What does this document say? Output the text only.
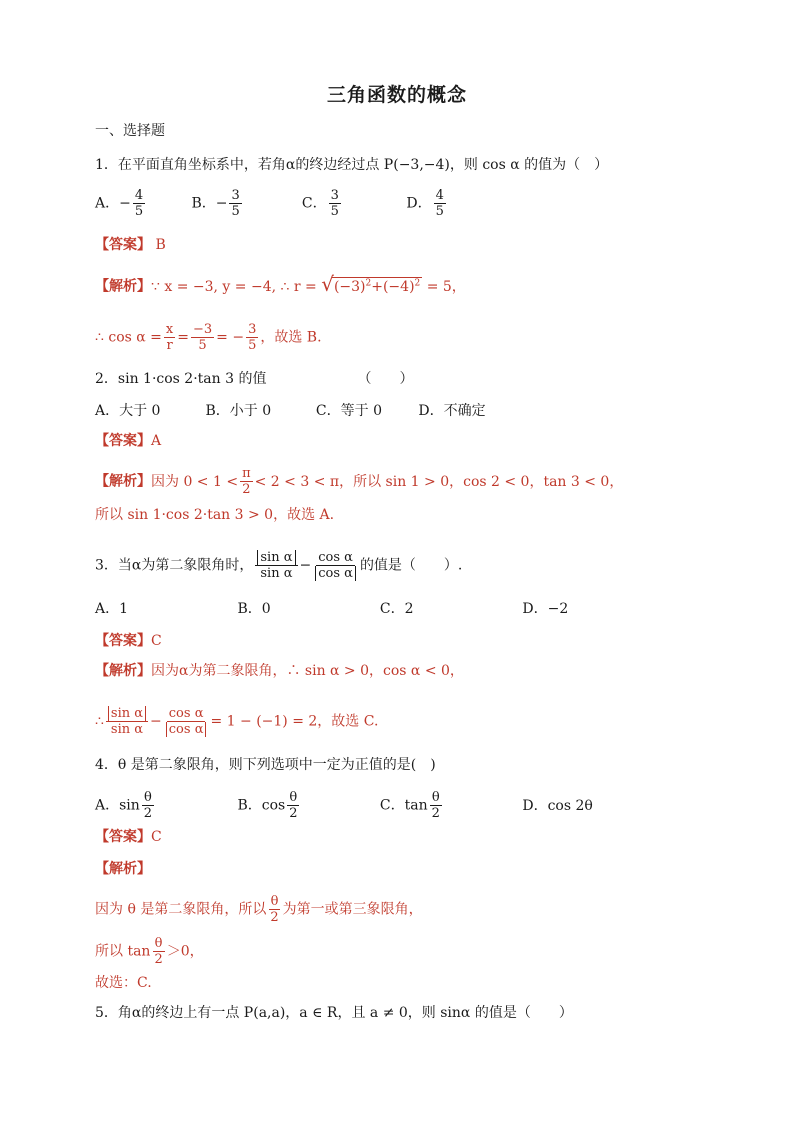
三角函数的概念
一、选择题
1．在平面直角坐标系中，若角α的终边经过点 P(−3,−4)，则 cos α 的值为（　）
A．− $\frac{4}{5}$	B．− $\frac{3}{5}$	C． $\frac{3}{5}$	D． $\frac{4}{5}$
【答案】 B
【解析】∵ x = −3, y = −4, ∴ $r = √(-3)^2+(-4)^2 = 5$，
∴ $\cos \alpha = \frac{x}{r} = \frac{-3}{5}$ = − $\frac{3}{5}$ ，故选 B.
2．sin 1·cos 2·tan 3 的值　　　　　　　（　　）
A．大于 0	B．小于 0	C．等于 0	D．不确定
【答案】A
【解析】因为 $0 < 1 < \frac{\pi}{2} < 2 < 3 < \pi$，所以 sin 1 > 0，cos 2 < 0，tan 3 < 0，
所以 sin 1·cos 2·tan 3 > 0，故选 A.
3．当α为第二象限角时， $\frac{\text{sin α}}{\text{sin α}} - \frac{\text{cos α}}{\text{cos α}}$ 的值是（　　）.
A．1	B．0	C．2	D．−2
【答案】C
【解析】因为α为第二象限角，∴ sin α > 0，cos α < 0，
∴ $\frac{\text{sin α}}{\text{sin α}} - \frac{\text{cos α}}{\text{cos α}} = 1 - (-1) = 2$，故选 C.
4．θ 是第二象限角，则下列选项中一定为正值的是(　)
A．$\sin \frac{\theta}{2}$	B．$\cos \frac{\theta}{2}$	C．$\tan \frac{\theta}{2}$	D．cos 2θ
【答案】C
【解析】
因为 θ 是第二象限角，所以 $\frac{\theta}{2}$ 为第一或第三象限角，
所以 $\tan \frac{\theta}{2} >0$，
故选：C.
5．角α的终边上有一点 P(a,a)，a ∈ R，且 a ≠ 0，则 sinα 的值是（　　）
